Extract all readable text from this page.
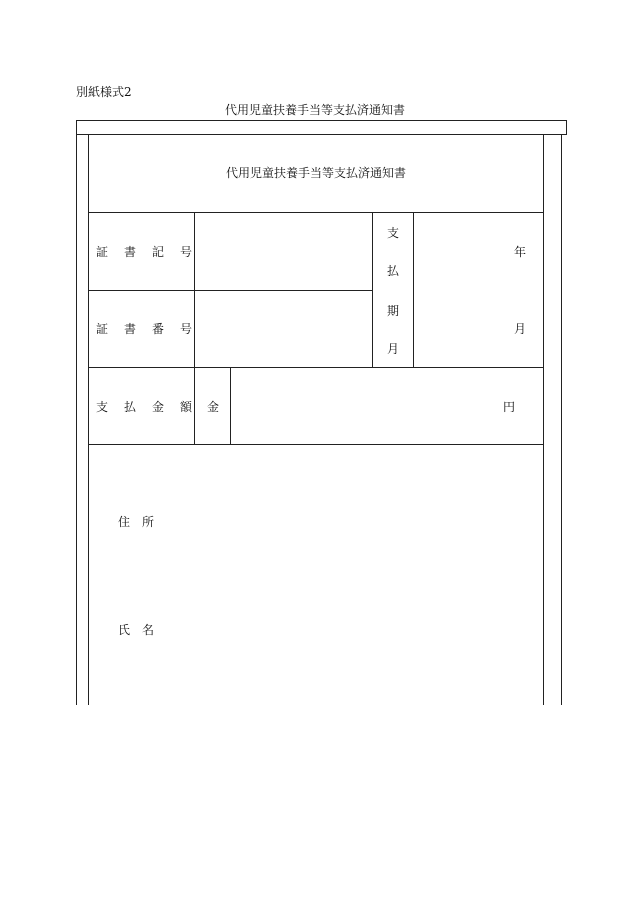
別紙様式2
代用児童扶養手当等支払済通知書
代用児童扶養手当等支払済通知書
証 書 記 号
証 書 番 号
支
払
期
月
年
月
支 払 金 額 金	円
住 所
氏 名
